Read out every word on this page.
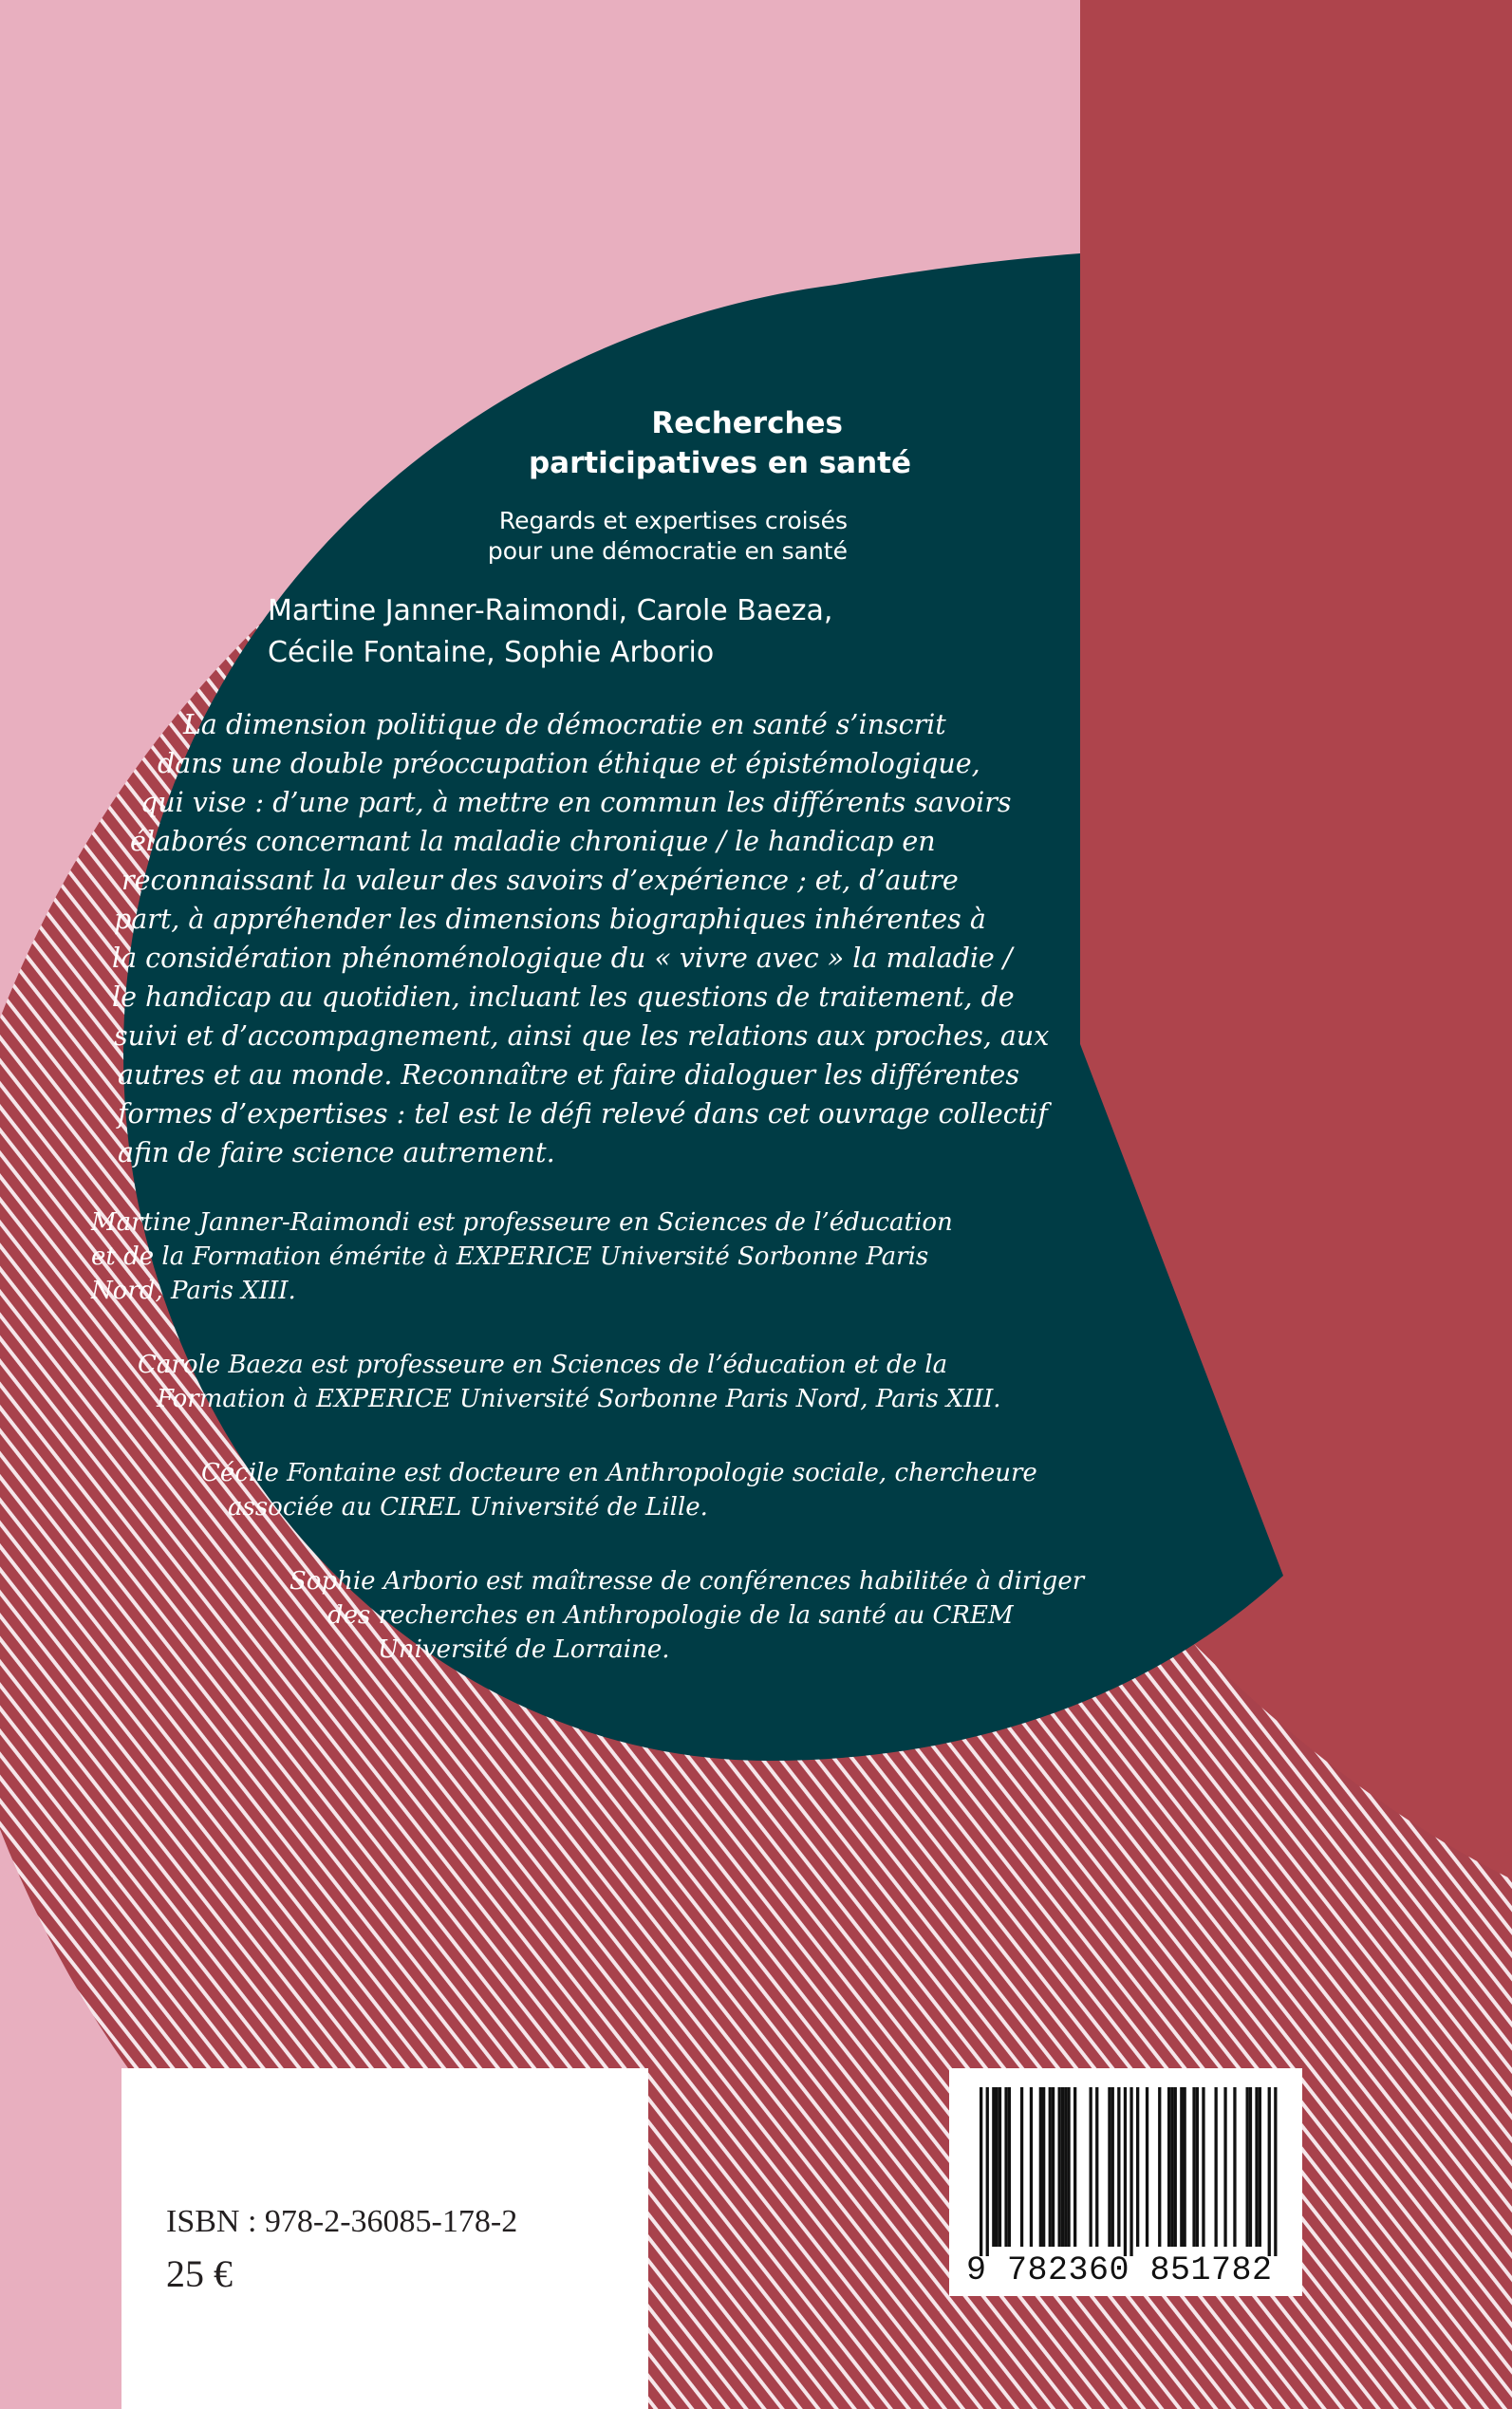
Recherches
participatives en santé
Regards et expertises croisés
pour une démocratie en santé
Martine Janner-Raimondi, Carole Baeza,
Cécile Fontaine, Sophie Arborio
La dimension politique de démocratie en santé s’inscrit
dans une double préoccupation éthique et épistémologique,
qui vise : d’une part, à mettre en commun les différents savoirs
élaborés concernant la maladie chronique / le handicap en
reconnaissant la valeur des savoirs d’expérience ; et, d’autre
part, à appréhender les dimensions biographiques inhérentes à
la considération phénoménologique du « vivre avec » la maladie /
le handicap au quotidien, incluant les questions de traitement, de
suivi et d’accompagnement, ainsi que les relations aux proches, aux
autres et au monde. Reconnaître et faire dialoguer les différentes
formes d’expertises : tel est le défi relevé dans cet ouvrage collectif
afin de faire science autrement.
Martine Janner-Raimondi est professeure en Sciences de l’éducation
et de la Formation émérite à EXPERICE Université Sorbonne Paris
Nord, Paris XIII.
Carole Baeza est professeure en Sciences de l’éducation et de la
Formation à EXPERICE Université Sorbonne Paris Nord, Paris XIII.
Cécile Fontaine est docteure en Anthropologie sociale, chercheure
associée au CIREL Université de Lille.
Sophie Arborio est maîtresse de conférences habilitée à diriger
des recherches en Anthropologie de la santé au CREM
Université de Lorraine.
ISBN : 978-2-36085-178-2
25 €	9 782360 851782
